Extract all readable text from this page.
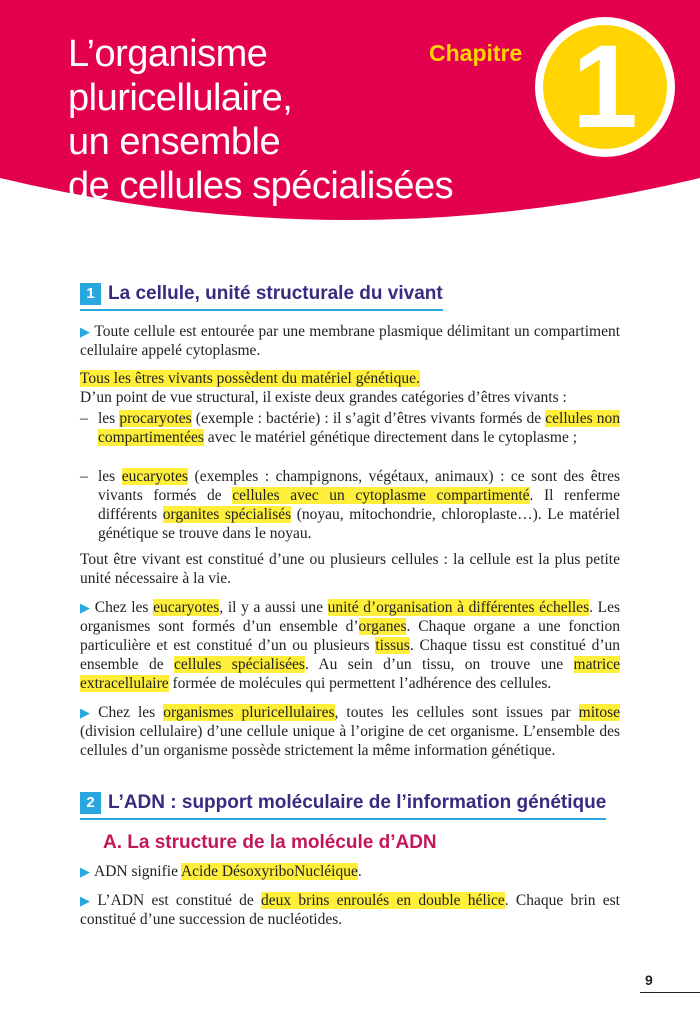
L’organisme
pluricellulaire,
un ensemble
de cellules spécialisées
Chapitre 1
1 La cellule, unité structurale du vivant

▶ Toute cellule est entourée par une membrane plasmique délimitant un compartiment cellulaire appelé cytoplasme.

Tous les êtres vivants possèdent du matériel génétique.
D’un point de vue structural, il existe deux grandes catégories d’êtres vivants :

– les procaryotes (exemple : bactérie) : il s’agit d’êtres vivants formés de cellules non compartimentées avec le matériel génétique directement dans le cytoplasme ;

– les eucaryotes (exemples : champignons, végétaux, animaux) : ce sont des êtres vivants formés de cellules avec un cytoplasme compartimenté. Il renferme différents organites spécialisés (noyau, mitochondrie, chloroplaste…). Le matériel génétique se trouve dans le noyau.

Tout être vivant est constitué d’une ou plusieurs cellules : la cellule est la plus petite unité nécessaire à la vie.

▶ Chez les eucaryotes, il y a aussi une unité d’organisation à différentes échelles. Les organismes sont formés d’un ensemble d’organes. Chaque organe a une fonction particulière et est constitué d’un ou plusieurs tissus. Chaque tissu est constitué d’un ensemble de cellules spécialisées. Au sein d’un tissu, on trouve une matrice extracellulaire formée de molécules qui permettent l’adhérence des cellules.

▶ Chez les organismes pluricellulaires, toutes les cellules sont issues par mitose (division cellulaire) d’une cellule unique à l’origine de cet organisme. L’ensemble des cellules d’un organisme possède strictement la même information génétique.

2 L’ADN : support moléculaire de l’information génétique
A. La structure de la molécule d’ADN

▶ ADN signifie Acide DésoxyriboNucléique.

▶ L’ADN est constitué de deux brins enroulés en double hélice. Chaque brin est constitué d’une succession de nucléotides.

9
